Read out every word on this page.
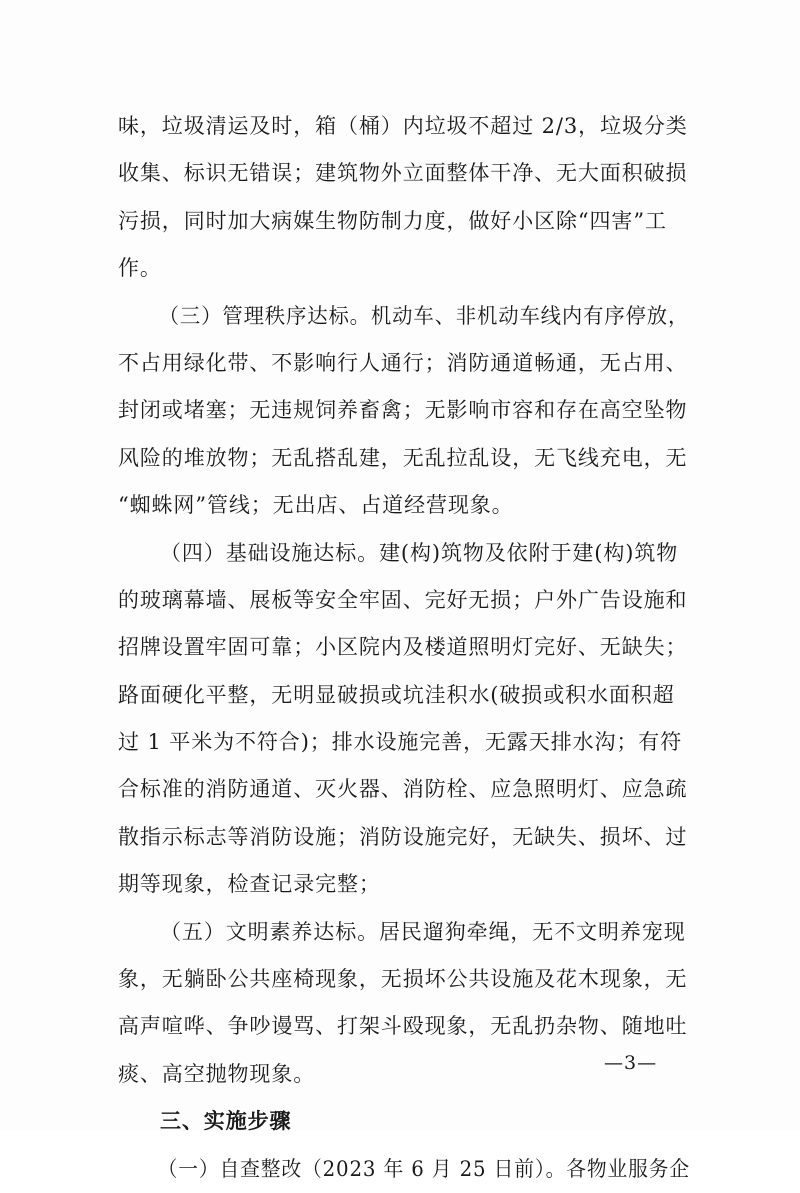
味，垃圾清运及时，箱（桶）内垃圾不超过 2/3，垃圾分类
收集、标识无错误；建筑物外立面整体干净、无大面积破损
污损，同时加大病媒生物防制力度，做好小区除“四害”工
作。
（三）管理秩序达标。机动车、非机动车线内有序停放，
不占用绿化带、不影响行人通行；消防通道畅通，无占用、
封闭或堵塞；无违规饲养畜禽；无影响市容和存在高空坠物
风险的堆放物；无乱搭乱建，无乱拉乱设，无飞线充电，无
“蜘蛛网”管线；无出店、占道经营现象。
（四）基础设施达标。建(构)筑物及依附于建(构)筑物
的玻璃幕墙、展板等安全牢固、完好无损；户外广告设施和
招牌设置牢固可靠；小区院内及楼道照明灯完好、无缺失；
路面硬化平整，无明显破损或坑洼积水(破损或积水面积超
过 1 平米为不符合)；排水设施完善，无露天排水沟；有符
合标准的消防通道、灭火器、消防栓、应急照明灯、应急疏
散指示标志等消防设施；消防设施完好，无缺失、损坏、过
期等现象，检查记录完整；
（五）文明素养达标。居民遛狗牵绳，无不文明养宠现
象，无躺卧公共座椅现象，无损坏公共设施及花木现象，无
高声喧哗、争吵谩骂、打架斗殴现象，无乱扔杂物、随地吐
痰、高空抛物现象。
三、实施步骤
（一）自查整改（2023 年 6 月 25 日前）。各物业服务企
—3—
